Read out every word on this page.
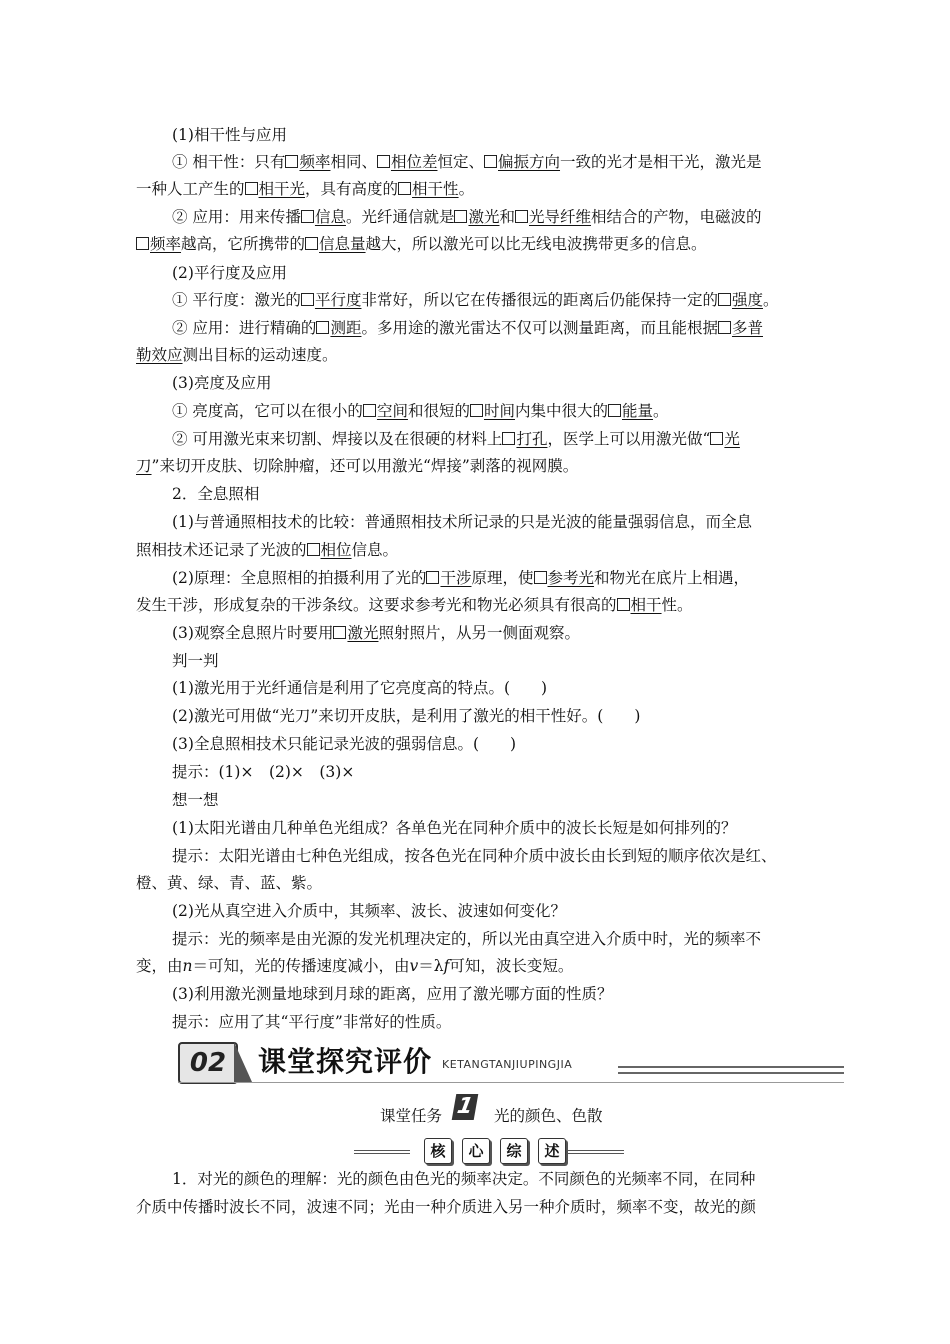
(1)相干性与应用
① 相干性：只有 频率相同、 相位差恒定、 偏振方向一致的光才是相干光，激光是
一种人工产生的 相干光，具有高度的 相干性。
② 应用：用来传播 信息。光纤通信就是 激光和 光导纤维相结合的产物，电磁波的
频率越高，它所携带的 信息量越大，所以激光可以比无线电波携带更多的信息。
(2)平行度及应用
① 平行度：激光的 平行度非常好，所以它在传播很远的距离后仍能保持一定的 强度。
② 应用：进行精确的 测距。多用途的激光雷达不仅可以测量距离，而且能根据 多普
勒效应测出目标的运动速度。
(3)亮度及应用
① 亮度高，它可以在很小的 空间和很短的 时间内集中很大的 能量。
② 可用激光束来切割、焊接以及在很硬的材料上 打孔，医学上可以用激光做“ 光
刀”来切开皮肤、切除肿瘤，还可以用激光“焊接”剥落的视网膜。
2．全息照相
(1)与普通照相技术的比较：普通照相技术所记录的只是光波的能量强弱信息，而全息
照相技术还记录了光波的 相位信息。
(2)原理：全息照相的拍摄利用了光的 干涉原理，使 参考光和物光在底片上相遇，
发生干涉，形成复杂的干涉条纹。这要求参考光和物光必须具有很高的 相干性。
(3)观察全息照片时要用 激光照射照片，从另一侧面观察。
判一判
(1)激光用于光纤通信是利用了它亮度高的特点。(　　)
(2)激光可用做“光刀”来切开皮肤，是利用了激光的相干性好。(　　)
(3)全息照相技术只能记录光波的强弱信息。(　　)
提示：(1)×　(2)×　(3)×
想一想
(1)太阳光谱由几种单色光组成？各单色光在同种介质中的波长长短是如何排列的？
提示：太阳光谱由七种色光组成，按各色光在同种介质中波长由长到短的顺序依次是红、
橙、黄、绿、青、蓝、紫。
(2)光从真空进入介质中，其频率、波长、波速如何变化？
提示：光的频率是由光源的发光机理决定的，所以光由真空进入介质中时，光的频率不
变，由n＝可知，光的传播速度减小，由v＝λf可知，波长变短。
(3)利用激光测量地球到月球的距离，应用了激光哪方面的性质？
提示：应用了其“平行度”非常好的性质。
1．对光的颜色的理解：光的颜色由色光的频率决定。不同颜色的光频率不同，在同种
介质中传播时波长不同，波速不同；光由一种介质进入另一种介质时，频率不变，故光的颜
02	课堂探究评价 KETANGTANJIUPINGJIA
课堂任务 1 光的颜色、色散
核 心 综 述
